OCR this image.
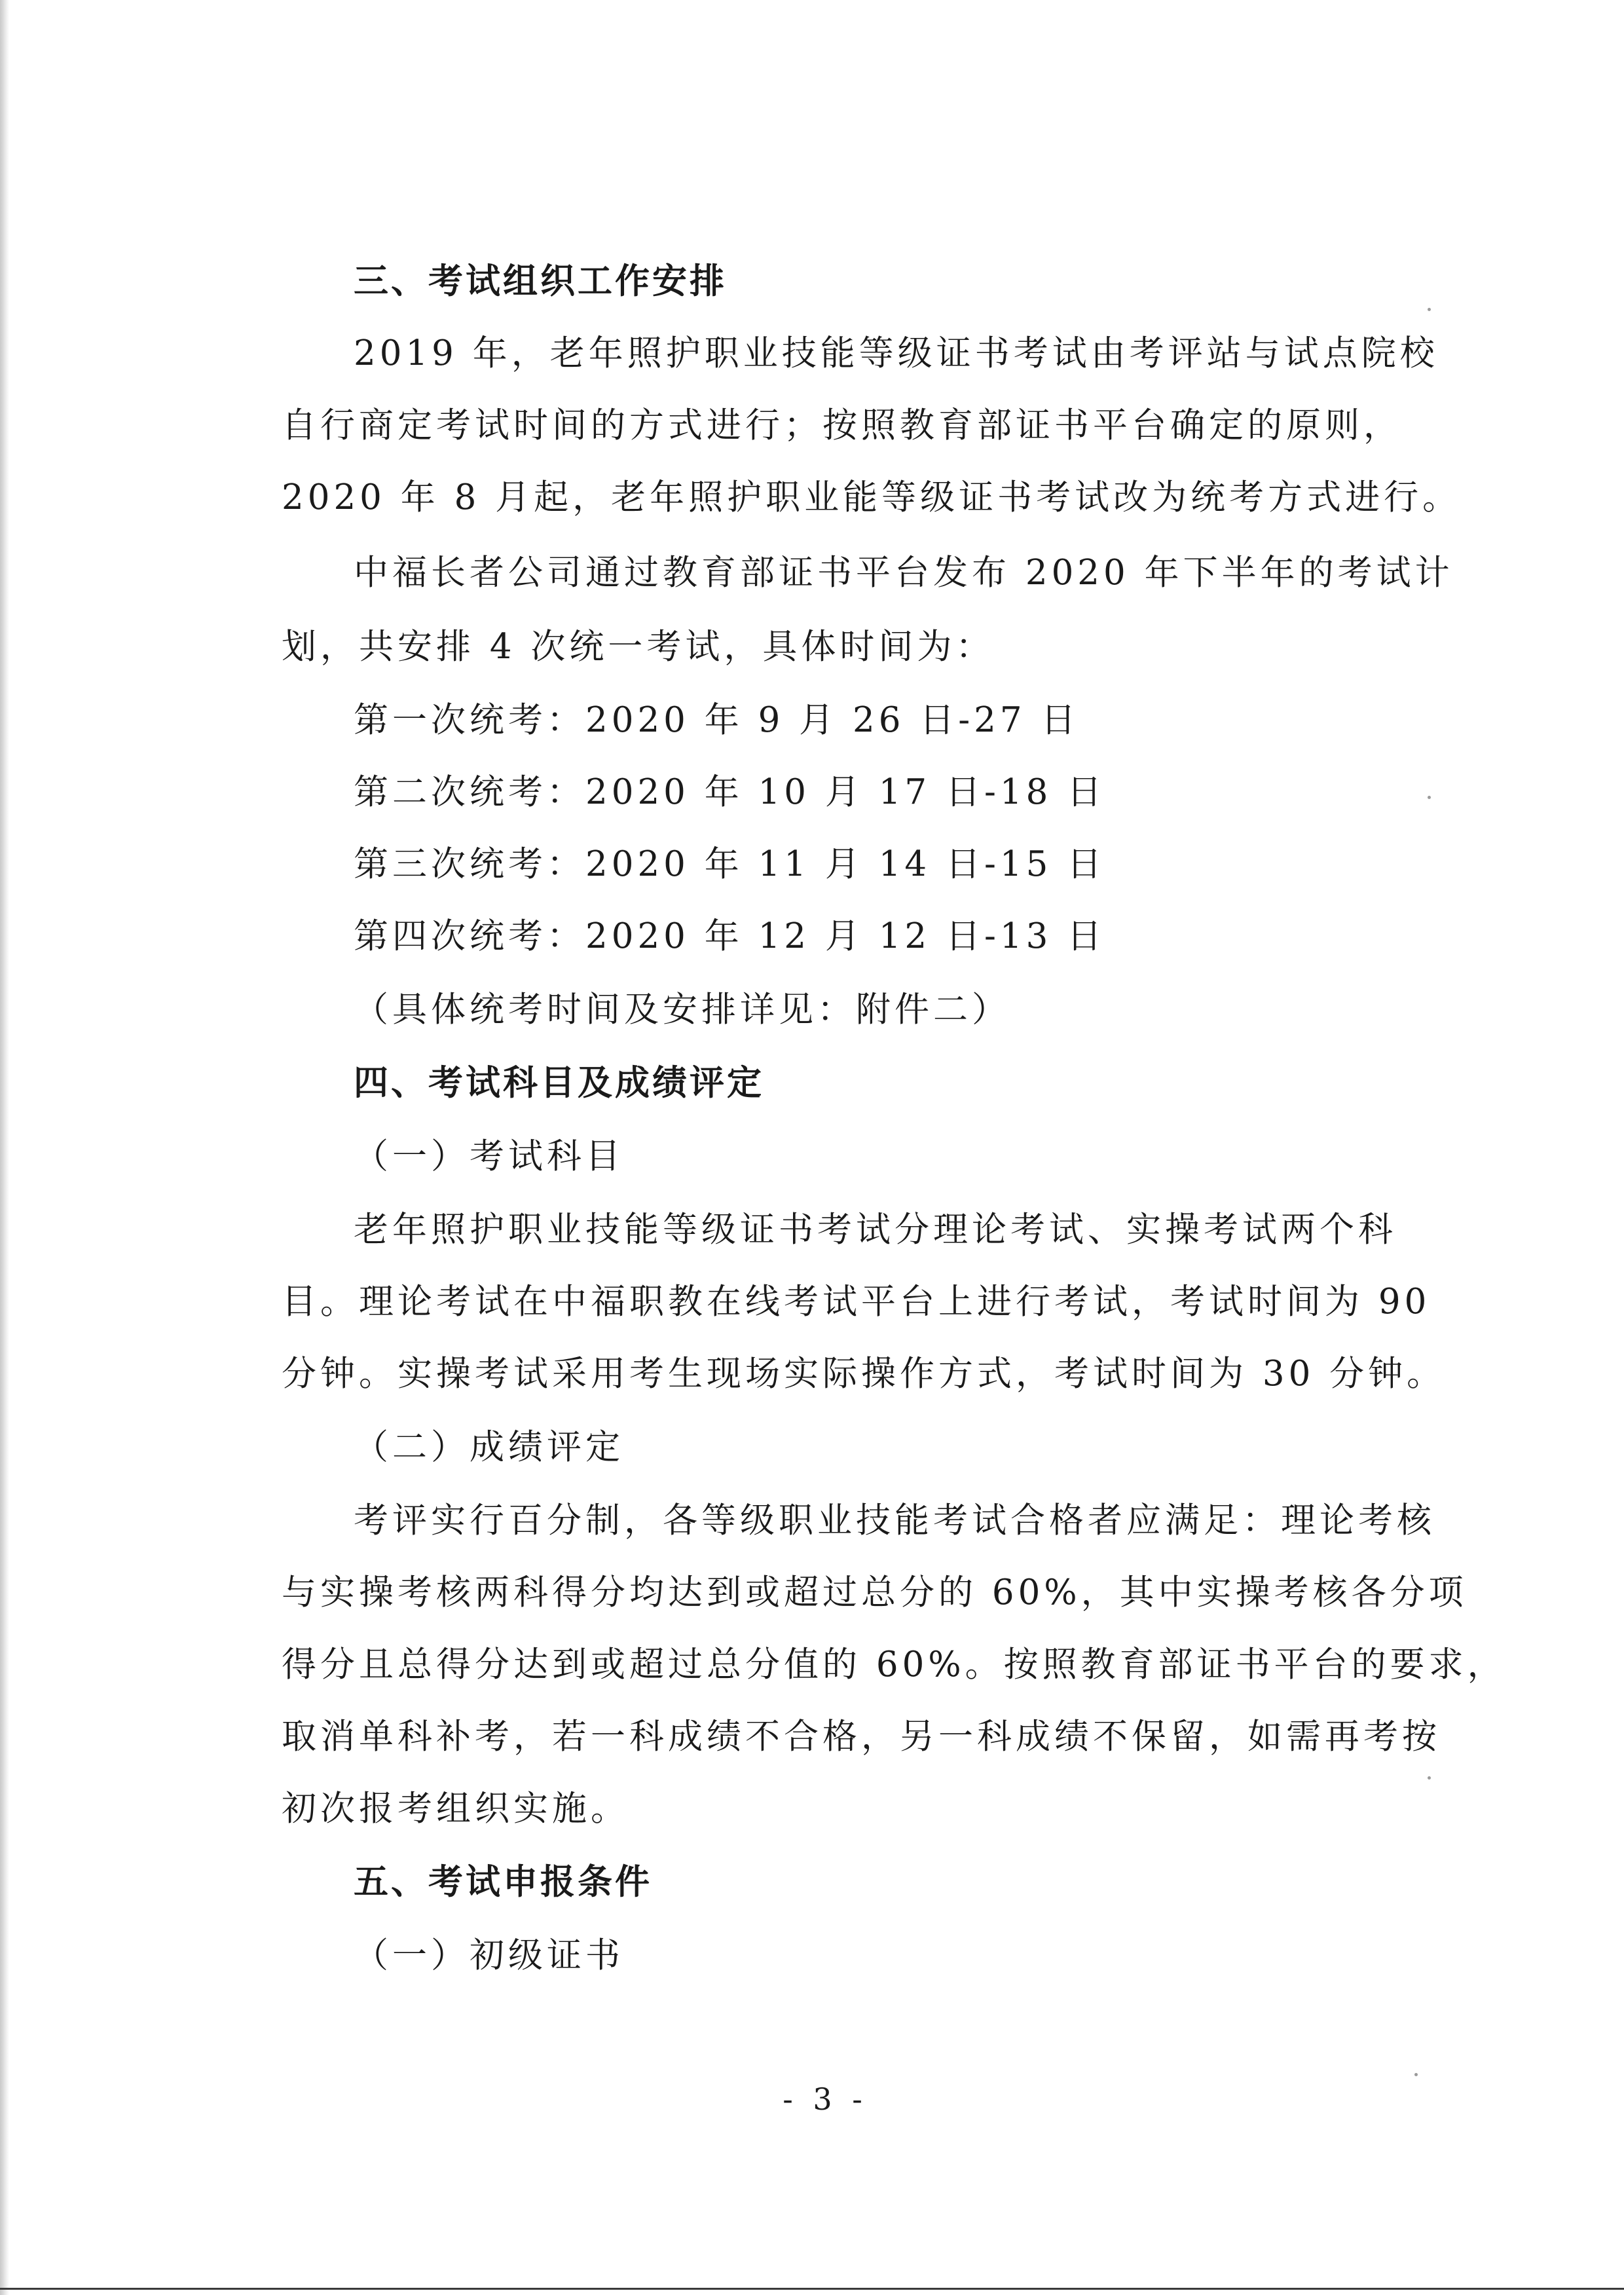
三、考试组织工作安排
2019 年，老年照护职业技能等级证书考试由考评站与试点院校
自行商定考试时间的方式进行；按照教育部证书平台确定的原则，
2020 年 8 月起，老年照护职业能等级证书考试改为统考方式进行。
中福长者公司通过教育部证书平台发布 2020 年下半年的考试计
划，共安排 4 次统一考试，具体时间为：
第一次统考：2020 年 9 月 26 日-27 日
第二次统考：2020 年 10 月 17 日-18 日
第三次统考：2020 年 11 月 14 日-15 日
第四次统考：2020 年 12 月 12 日-13 日
（具体统考时间及安排详见：附件二）
四、考试科目及成绩评定
（一）考试科目
老年照护职业技能等级证书考试分理论考试、实操考试两个科
目。理论考试在中福职教在线考试平台上进行考试，考试时间为 90
分钟。实操考试采用考生现场实际操作方式，考试时间为 30 分钟。
（二）成绩评定
考评实行百分制，各等级职业技能考试合格者应满足：理论考核
与实操考核两科得分均达到或超过总分的 60%，其中实操考核各分项
得分且总得分达到或超过总分值的 60%。按照教育部证书平台的要求，
取消单科补考，若一科成绩不合格，另一科成绩不保留，如需再考按
初次报考组织实施。
五、考试申报条件
（一）初级证书
- 3 -
